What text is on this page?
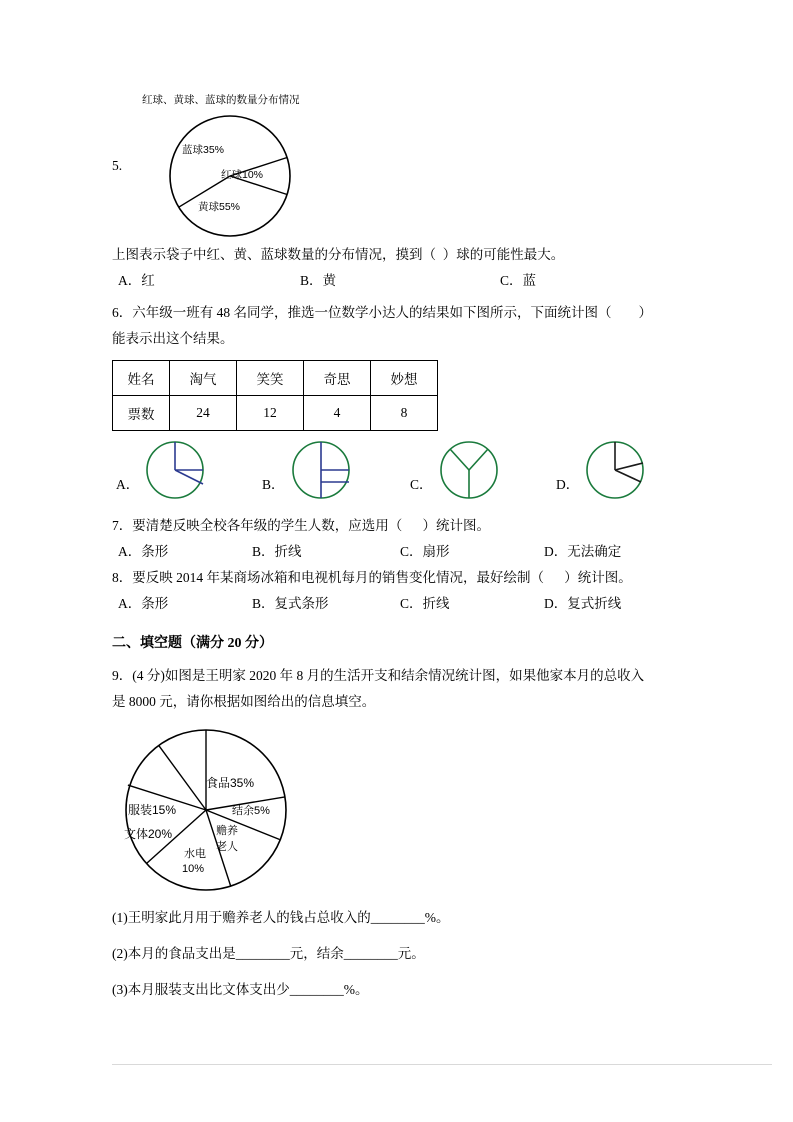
5.
红球、黄球、蓝球的数量分布情况
蓝球35%
红球10%
黄球55%
上图表示袋子中红、黄、蓝球数量的分布情况，摸到（  ）球的可能性最大。
A．红	B．黄	C．蓝
6．六年级一班有 48 名同学，推选一位数学小达人的结果如下图所示，下面统计图（        ）
能表示出这个结果。
姓名	淘气	笑笑	奇思	妙想
票数	24	12	4	8
A．	B．	C．	D．
7．要清楚反映全校各年级的学生人数，应选用（      ）统计图。
A．条形	B．折线	C．扇形	D．无法确定
8．要反映 2014 年某商场冰箱和电视机每月的销售变化情况，最好绘制（      ）统计图。
A．条形	B．复式条形	C．折线	D．复式折线
二、填空题（满分 20 分）
9．(4 分)如图是王明家 2020 年 8 月的生活开支和结余情况统计图，如果他家本月的总收入
是 8000 元，请你根据如图给出的信息填空。
食品35%
服装15%
文体20%
水电
10%
赡养
老人
结余5%
(1)王明家此月用于赡养老人的钱占总收入的________%。
(2)本月的食品支出是________元，结余________元。
(3)本月服装支出比文体支出少________%。
